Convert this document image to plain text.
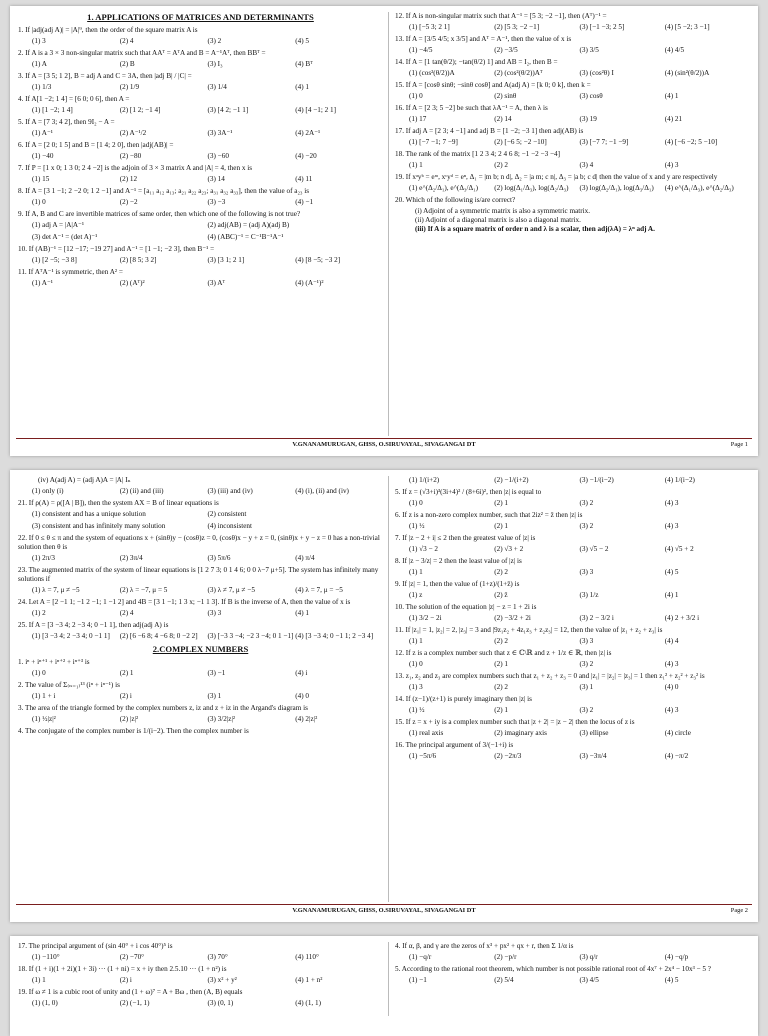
1. APPLICATIONS OF MATRICES AND DETERMINANTS
1. If |adj(adj A)| = |A|⁹, then the order of the square matrix A is
(1) 3	(2) 4	(3) 2	(4) 5
2. If A is a 3 × 3 non-singular matrix such that AAᵀ = AᵀA and B = A⁻¹Aᵀ, then BBᵀ =
(1) A	(2) B	(3) I₃	(4) Bᵀ
3. If A = [3 5; 1 2], B = adj A and C = 3A, then |adj B| / |C| =
(1) 1/3	(2) 1/9	(3) 1/4	(4) 1
4. If A[1 −2; 1 4] = [6 0; 0 6], then A =
(1) [1 −2; 1 4]	(2) [1 2; −1 4]	(3) [4 2; −1 1]	(4) [4 −1; 2 1]
5. If A = [7 3; 4 2], then 9I₂ − A =
(1) A⁻¹	(2) A⁻¹/2	(3) 3A⁻¹	(4) 2A⁻¹
6. If A = [2 0; 1 5] and B = [1 4; 2 0], then |adj(AB)| =
(1) −40	(2) −80	(3) −60	(4) −20
7. If P = [1 x 0; 1 3 0; 2 4 −2] is the adjoin of 3 × 3 matrix A and |A| = 4, then x is
(1) 15	(2) 12	(3) 14	(4) 11
8. If A = [3 1 −1; 2 −2 0; 1 2 −1] and A⁻¹ = [a₁₁ a₁₂ a₁₃; a₂₁ a₂₂ a₂₃; a₃₁ a₃₂ a₃₃], then the value of a₂₃ is
(1) 0	(2) −2	(3) −3	(4) −1
9. If A, B and C are invertible matrices of same order, then which one of the following is not true?
(1) adj A = |A|A⁻¹	(2) adj(AB) = (adj A)(adj B)
(3) det A⁻¹ = (det A)⁻¹	(4) (ABC)⁻¹ = C⁻¹B⁻¹A⁻¹
10. If (AB)⁻¹ = [12 −17; −19 27] and A⁻¹ = [1 −1; −2 3], then B⁻¹ =
(1) [2 −5; −3 8]	(2) [8 5; 3 2]	(3) [3 1; 2 1]	(4) [8 −5; −3 2]
11. If AᵀA⁻¹ is symmetric, then A² =
(1) A⁻¹	(2) (Aᵀ)²	(3) Aᵀ	(4) (A⁻¹)²
12. If A is non-singular matrix such that A⁻¹ = [5 3; −2 −1], then (Aᵀ)⁻¹ =
(1) [−5 3; 2 1]	(2) [5 3; −2 −1]	(3) [−1 −3; 2 5]	(4) [5 −2; 3 −1]
13. If A = [3/5 4/5; x 3/5] and Aᵀ = A⁻¹, then the value of x is
(1) −4/5	(2) −3/5	(3) 3/5	(4) 4/5
14. If A = [1 tan(θ/2); −tan(θ/2) 1] and AB = I₂, then B =
(1) (cos²(θ/2))A	(2) (cos²(θ/2))Aᵀ	(3) (cos²θ) I	(4) (sin²(θ/2))A
15. If A = [cosθ sinθ; −sinθ cosθ] and A(adj A) = [k 0; 0 k], then k =
(1) 0	(2) sinθ	(3) cosθ	(4) 1
16. If A = [2 3; 5 −2] be such that λA⁻¹ = A, then λ is
(1) 17	(2) 14	(3) 19	(4) 21
17. If adj A = [2 3; 4 −1] and adj B = [1 −2; −3 1] then adj(AB) is
(1) [−7 −1; 7 −9]	(2) [−6 5; −2 −10]	(3) [−7 7; −1 −9]	(4) [−6 −2; 5 −10]
18. The rank of the matrix [1 2 3 4; 2 4 6 8; −1 −2 −3 −4]
(1) 1	(2) 2	(3) 4	(4) 3
19. If xᵃyᵇ = eᵐ, xᶜyᵈ = eⁿ, Δ₁ = |m b; n d|, Δ₂ = |a m; c n|, Δ₃ = |a b; c d| then the value of x and y are respectively
(1) e^(Δ₂/Δ₁), e^(Δ₃/Δ₁)	(2) log(Δ₁/Δ₃), log(Δ₂/Δ₃)	(3) log(Δ₂/Δ₁), log(Δ₃/Δ₁)	(4) e^(Δ₁/Δ₃), e^(Δ₂/Δ₃)
20. Which of the following is/are correct?
(i) Adjoint of a symmetric matrix is also a symmetric matrix.
(ii) Adjoint of a diagonal matrix is also a diagonal matrix.
(iii) If A is a square matrix of order n and λ is a scalar, then adj(λA) = λⁿ adj A.
V.GNANAMURUGAN, GHSS, O.SIRUVAYAL, SIVAGANGAI DT	Page 1
(iv) A(adj A) = (adj A)A = |A| Iₙ
(1) only (i)	(2) (ii) and (iii)	(3) (iii) and (iv)	(4) (i), (ii) and (iv)
21. If ρ(A) = ρ([A | B]), then the system AX = B of linear equations is
(1) consistent and has a unique solution	(2) consistent
(3) consistent and has infinitely many solution	(4) inconsistent
22. If 0 ≤ θ ≤ π and the system of equations x + (sinθ)y − (cosθ)z = 0, (cosθ)x − y + z = 0, (sinθ)x + y − z = 0 has a non-trivial solution then θ is
(1) 2π/3	(2) 3π/4	(3) 5π/6	(4) π/4
23. The augmented matrix of the system of linear equations is [1 2 7 3; 0 1 4 6; 0 0 λ−7 μ+5]. The system has infinitely many solutions if
(1) λ = 7, μ ≠ −5	(2) λ = −7, μ = 5	(3) λ ≠ 7, μ ≠ −5	(4) λ = 7, μ = −5
24. Let A = [2 −1 1; −1 2 −1; 1 −1 2] and 4B = [3 1 −1; 1 3 x; −1 1 3]. If B is the inverse of A, then the value of x is
(1) 2	(2) 4	(3) 3	(4) 1
25. If A = [3 −3 4; 2 −3 4; 0 −1 1], then adj(adj A) is
(1) [3 −3 4; 2 −3 4; 0 −1 1]	(2) [6 −6 8; 4 −6 8; 0 −2 2]	(3) [−3 3 −4; −2 3 −4; 0 1 −1] (4) [3 −3 4; 0 −1 1; 2 −3 4]
2.COMPLEX NUMBERS
1. iⁿ + iⁿ⁺¹ + iⁿ⁺² + iⁿ⁺³ is
(1) 0	(2) 1	(3) −1	(4) i
2. The value of Σ₍ₙ₌₁₎¹³ (iⁿ + iⁿ⁻¹) is
(1) 1 + i	(2) i	(3) 1	(4) 0
3. The area of the triangle formed by the complex numbers z, iz and z + iz in the Argand's diagram is
(1) ½|z|²	(2) |z|²	(3) 3/2|z|²	(4) 2|z|²
4. The conjugate of the complex number is 1/(i−2). Then the complex number is
(1) 1/(i+2)	(2) −1/(i+2)	(3) −1/(i−2)	(4) 1/(i−2)
5. If z = (√3+i)³(3i+4)² / (8+6i)², then |z| is equal to
(1) 0	(2) 1	(3) 2	(4) 3
6. If z is a non-zero complex number, such that 2iz² = z̄ then |z| is
(1) ½	(2) 1	(3) 2	(4) 3
7. If |z − 2 + i| ≤ 2 then the greatest value of |z| is
(1) √3 − 2	(2) √3 + 2	(3) √5 − 2	(4) √5 + 2
8. If |z − 3/z| = 2 then the least value of |z| is
(1) 1	(2) 2	(3) 3	(4) 5
9. If |z| = 1, then the value of (1+z)/(1+z̄) is
(1) z	(2) z̄	(3) 1/z	(4) 1
10. The solution of the equation |z| − z = 1 + 2i is
(1) 3/2 − 2i	(2) −3/2 + 2i	(3) 2 − 3/2 i	(4) 2 + 3/2 i
11. If |z₁| = 1, |z₂| = 2, |z₃| = 3 and |9z₁z₂ + 4z₁z₃ + z₂z₃| = 12, then the value of |z₁ + z₂ + z₃| is
(1) 1	(2) 2	(3) 3	(4) 4
12. If z is a complex number such that z ∈ ℂ\ℝ and z + 1/z ∈ ℝ, then |z| is
(1) 0	(2) 1	(3) 2	(4) 3
13. z₁, z₂ and z₃ are complex numbers such that z₁ + z₂ + z₃ = 0 and |z₁| = |z₂| = |z₃| = 1 then z₁² + z₂² + z₃² is
(1) 3	(2) 2	(3) 1	(4) 0
14. If (z−1)/(z+1) is purely imaginary then |z| is
(1) ½	(2) 1	(3) 2	(4) 3
15. If z = x + iy is a complex number such that |z + 2| = |z − 2| then the locus of z is
(1) real axis	(2) imaginary axis	(3) ellipse	(4) circle
16. The principal argument of 3/(−1+i) is
(1) −5π/6	(2) −2π/3	(3) −3π/4	(4) −π/2
V.GNANAMURUGAN, GHSS, O.SIRUVAYAL, SIVAGANGAI DT	Page 2
17. The principal argument of (sin 40° + i cos 40°)⁵ is
(1) −110°	(2) −70°	(3) 70°	(4) 110°
18. If (1 + i)(1 + 2i)(1 + 3i) ··· (1 + ni) = x + iy then 2.5.10 ··· (1 + n²) is
(1) 1	(2) i	(3) x² + y²	(4) 1 + n²
19. If ω ≠ 1 is a cubic root of unity and (1 + ω)⁷ = A + Bω , then (A, B) equals
(1) (1, 0)	(2) (−1, 1)	(3) (0, 1)	(4) (1, 1)
4. If α, β, and γ are the zeros of x³ + px² + qx + r, then Σ 1/α is
(1) −q/r	(2) −p/r	(3) q/r	(4) −q/p
5. According to the rational root theorem, which number is not possible rational root of 4x⁷ + 2x⁴ − 10x³ − 5 ?
(1) −1	(2) 5/4	(3) 4/5	(4) 5
